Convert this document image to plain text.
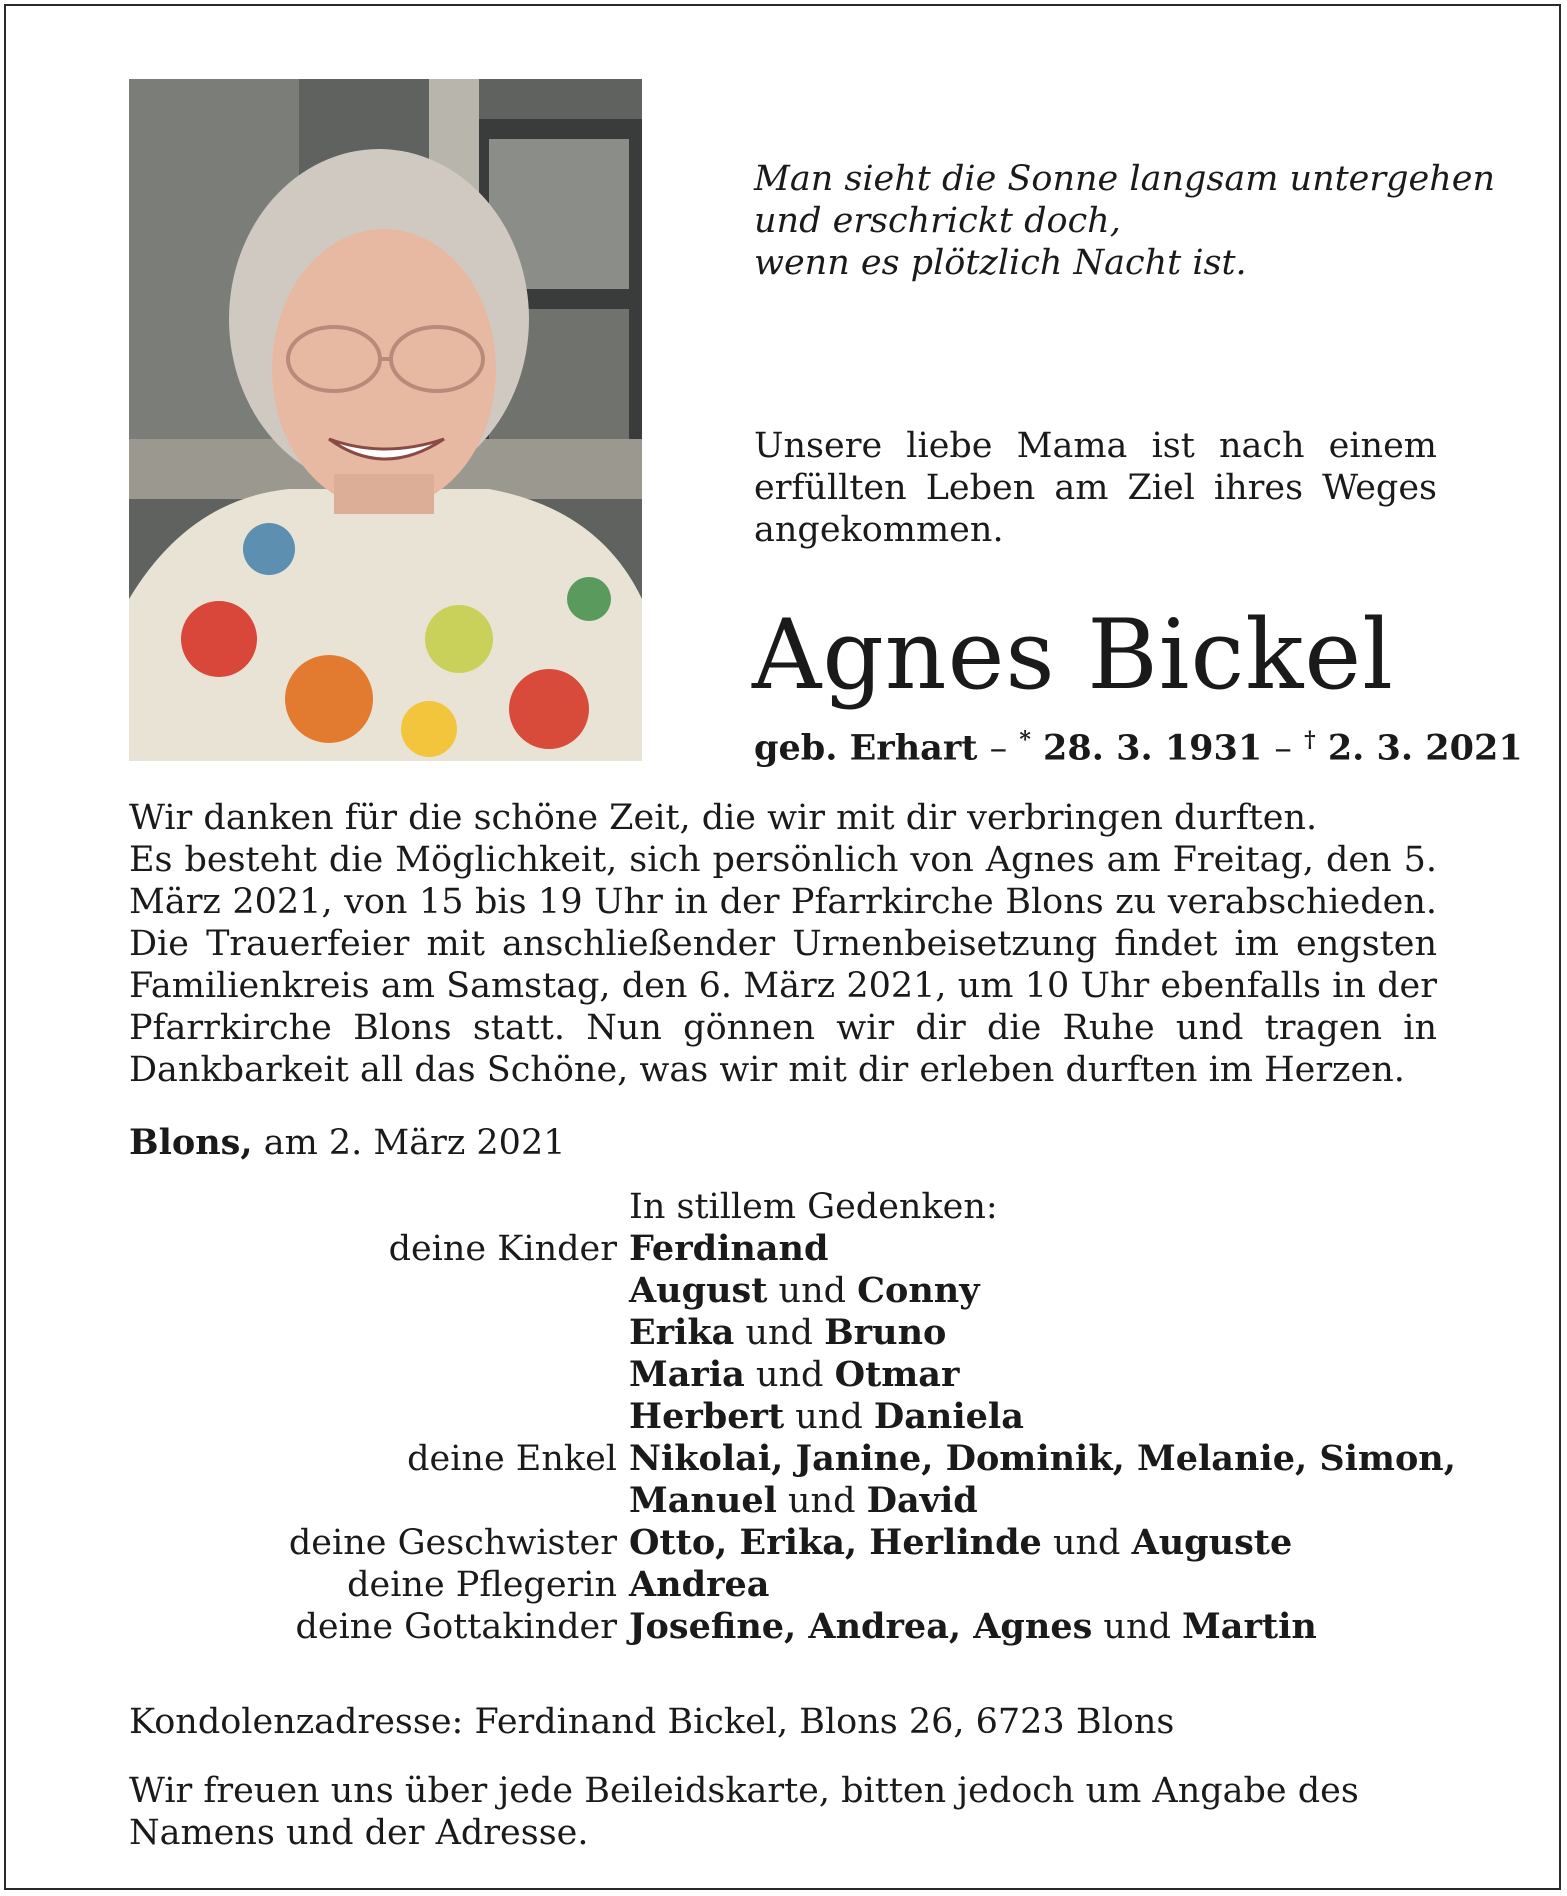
Man sieht die Sonne langsam untergehen
und erschrickt doch,
wenn es plötzlich Nacht ist.
Unsere liebe Mama ist nach einem erfüllten Leben am Ziel ihres Weges angekommen.
Agnes Bickel
geb. Erhart – * 28. 3. 1931 – † 2. 3. 2021
Wir danken für die schöne Zeit, die wir mit dir verbringen durften.
Es besteht die Möglichkeit, sich persönlich von Agnes am Freitag, den 5. März 2021, von 15 bis 19 Uhr in der Pfarrkirche Blons zu verabschieden. Die Trauerfeier mit anschließender Urnenbeisetzung findet im engsten Familienkreis am Samstag, den 6. März 2021, um 10 Uhr ebenfalls in der Pfarrkirche Blons statt. Nun gönnen wir dir die Ruhe und tragen in Dankbarkeit all das Schöne, was wir mit dir erleben durften im Herzen.
Blons, am 2. März 2021
In stillem Gedenken:
deine Kinder Ferdinand
August und Conny
Erika und Bruno
Maria und Otmar
Herbert und Daniela
deine Enkel Nikolai, Janine, Dominik, Melanie, Simon,
Manuel und David
deine Geschwister Otto, Erika, Herlinde und Auguste
deine Pflegerin Andrea
deine Gottakinder Josefine, Andrea, Agnes und Martin
Kondolenzadresse: Ferdinand Bickel, Blons 26, 6723 Blons
Wir freuen uns über jede Beileidskarte, bitten jedoch um Angabe des Namens und der Adresse.
